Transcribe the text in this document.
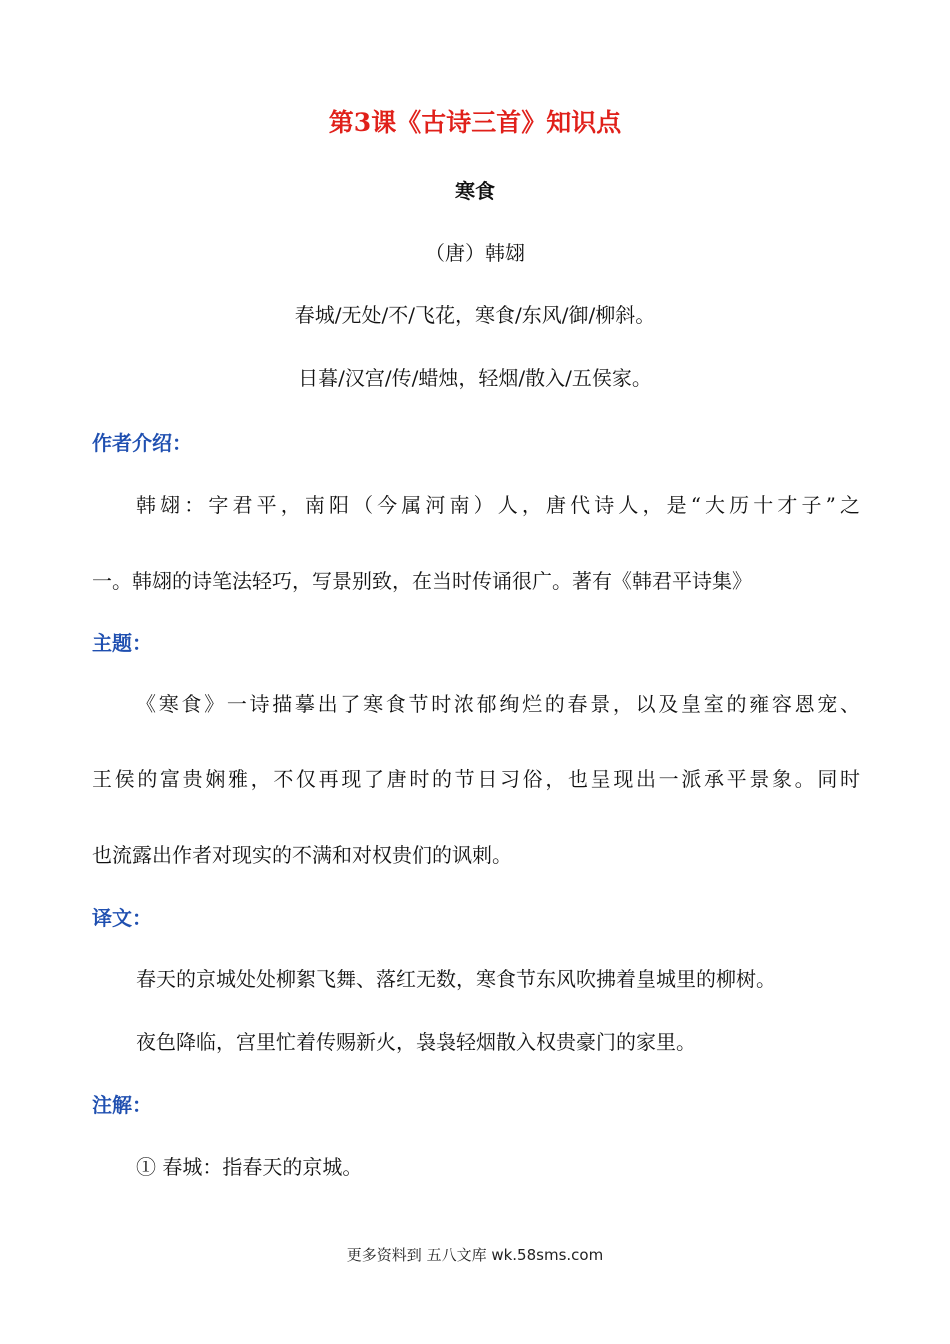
第3课《古诗三首》知识点
寒食
（唐）韩翃
春城/无处/不/飞花，寒食/东风/御/柳斜。
日暮/汉宫/传/蜡烛，轻烟/散入/五侯家。
作者介绍：
韩翃：字君平，南阳（今属河南）人，唐代诗人，是“大历十才子”之
一。韩翃的诗笔法轻巧，写景别致，在当时传诵很广。著有《韩君平诗集》
主题：
《寒食》一诗描摹出了寒食节时浓郁绚烂的春景，以及皇室的雍容恩宠、
王侯的富贵娴雅，不仅再现了唐时的节日习俗，也呈现出一派承平景象。同时
也流露出作者对现实的不满和对权贵们的讽刺。
译文：
春天的京城处处柳絮飞舞、落红无数，寒食节东风吹拂着皇城里的柳树。
夜色降临，宫里忙着传赐新火，袅袅轻烟散入权贵豪门的家里。
注解：
① 春城：指春天的京城。
更多资料到 五八文库 wk.58sms.com
